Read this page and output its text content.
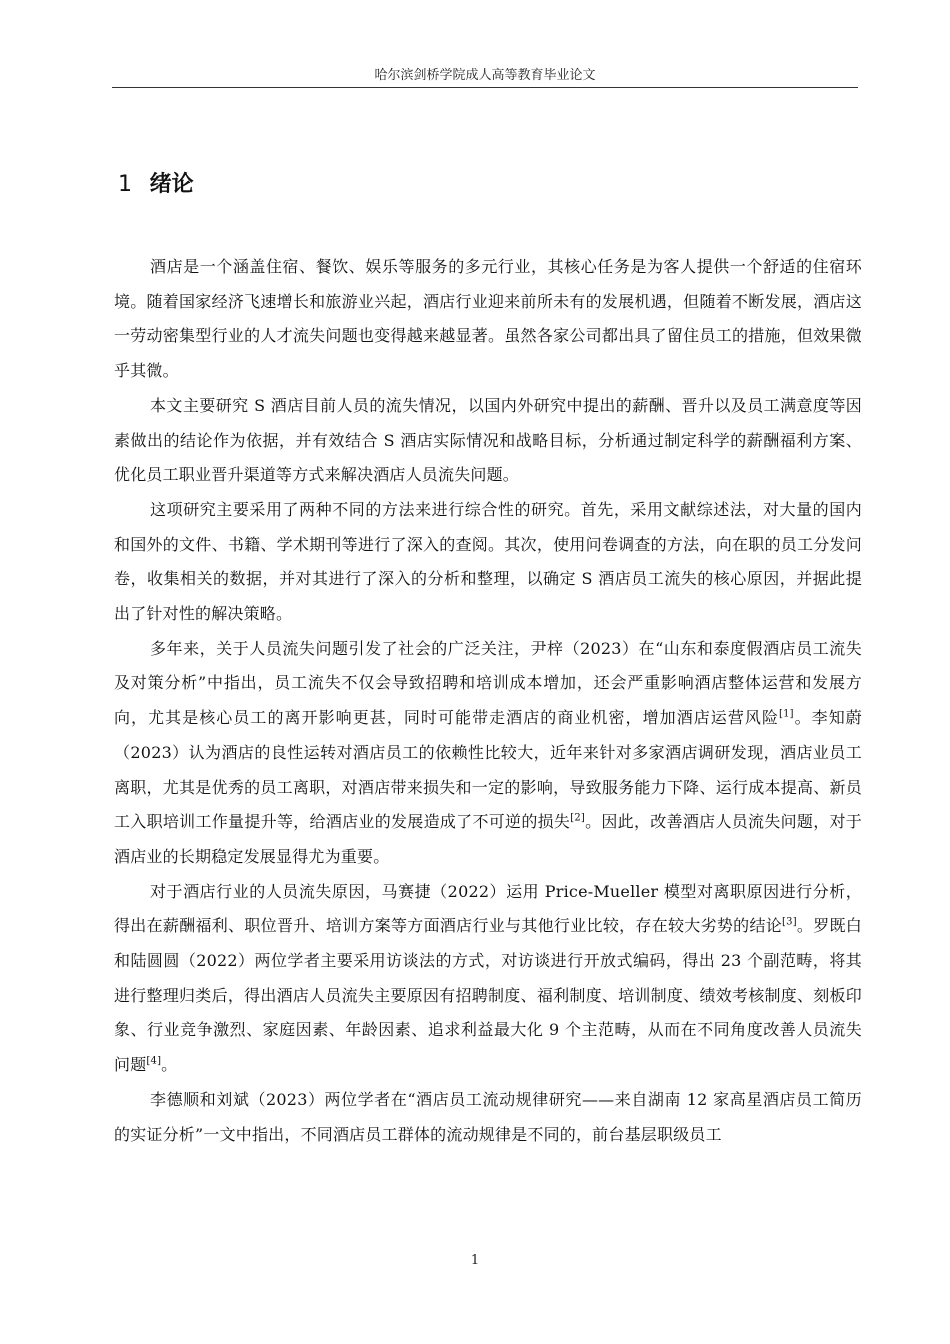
哈尔滨剑桥学院成人高等教育毕业论文
1 绪论

酒店是一个涵盖住宿、餐饮、娱乐等服务的多元行业，其核心任务是为客人提供一个舒适的住宿环境。随着国家经济飞速增长和旅游业兴起，酒店行业迎来前所未有的发展机遇，但随着不断发展，酒店这一劳动密集型行业的人才流失问题也变得越来越显著。虽然各家公司都出具了留住员工的措施，但效果微乎其微。

本文主要研究 S 酒店目前人员的流失情况，以国内外研究中提出的薪酬、晋升以及员工满意度等因素做出的结论作为依据，并有效结合 S 酒店实际情况和战略目标，分析通过制定科学的薪酬福利方案、优化员工职业晋升渠道等方式来解决酒店人员流失问题。

这项研究主要采用了两种不同的方法来进行综合性的研究。首先，采用文献综述法，对大量的国内和国外的文件、书籍、学术期刊等进行了深入的查阅。其次，使用问卷调查的方法，向在职的员工分发问卷，收集相关的数据，并对其进行了深入的分析和整理，以确定 S 酒店员工流失的核心原因，并据此提出了针对性的解决策略。

多年来，关于人员流失问题引发了社会的广泛关注，尹梓（2023）在“山东和泰度假酒店员工流失及对策分析”中指出，员工流失不仅会导致招聘和培训成本增加，还会严重影响酒店整体运营和发展方向，尤其是核心员工的离开影响更甚，同时可能带走酒店的商业机密，增加酒店运营风险[1]。李知蔚（2023）认为酒店的良性运转对酒店员工的依赖性比较大，近年来针对多家酒店调研发现，酒店业员工离职，尤其是优秀的员工离职，对酒店带来损失和一定的影响，导致服务能力下降、运行成本提高、新员工入职培训工作量提升等，给酒店业的发展造成了不可逆的损失[2]。因此，改善酒店人员流失问题，对于酒店业的长期稳定发展显得尤为重要。

对于酒店行业的人员流失原因，马赛捷（2022）运用 Price-Mueller 模型对离职原因进行分析，得出在薪酬福利、职位晋升、培训方案等方面酒店行业与其他行业比较，存在较大劣势的结论[3]。罗既白和陆圆圆（2022）两位学者主要采用访谈法的方式，对访谈进行开放式编码，得出 23 个副范畴，将其进行整理归类后，得出酒店人员流失主要原因有招聘制度、福利制度、培训制度、绩效考核制度、刻板印象、行业竞争激烈、家庭因素、年龄因素、追求利益最大化 9 个主范畴，从而在不同角度改善人员流失问题[4]。

李德顺和刘斌（2023）两位学者在“酒店员工流动规律研究——来自湖南 12 家高星酒店员工简历的实证分析”一文中指出，不同酒店员工群体的流动规律是不同的，前台基层职级员工

1
